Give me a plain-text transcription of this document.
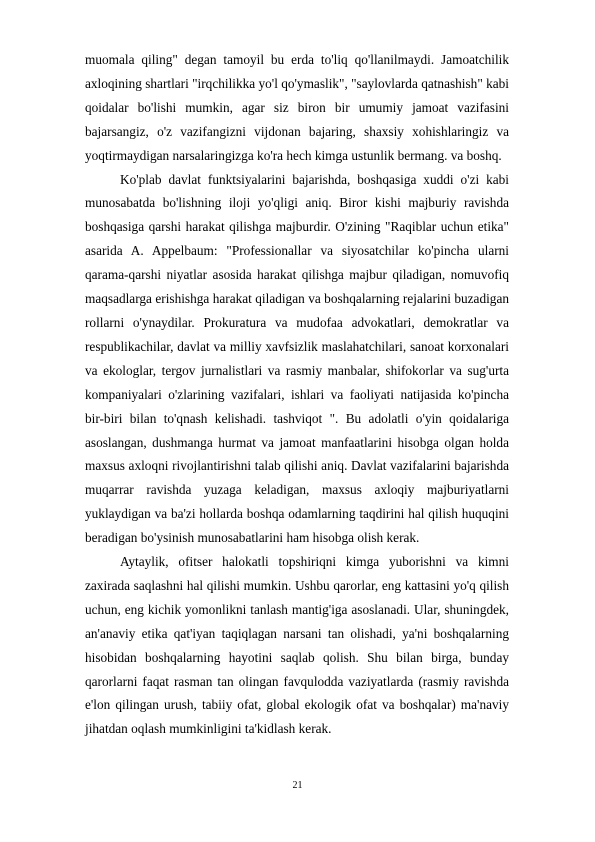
muomala qiling" degan tamoyil bu erda to'liq qo'llanilmaydi. Jamoatchilik axloqining shartlari "irqchilikka yo'l qo'ymaslik", "saylovlarda qatnashish" kabi qoidalar bo'lishi mumkin, agar siz biron bir umumiy jamoat vazifasini bajarsangiz, o'z vazifangizni vijdonan bajaring, shaxsiy xohishlaringiz va yoqtirmaydigan narsalaringizga ko'ra hech kimga ustunlik bermang. va boshq.

Ko'plab davlat funktsiyalarini bajarishda, boshqasiga xuddi o'zi kabi munosabatda bo'lishning iloji yo'qligi aniq. Biror kishi majburiy ravishda boshqasiga qarshi harakat qilishga majburdir. O'zining "Raqiblar uchun etika" asarida A. Appelbaum: "Professionallar va siyosatchilar ko'pincha ularni qarama-qarshi niyatlar asosida harakat qilishga majbur qiladigan, nomuvofiq maqsadlarga erishishga harakat qiladigan va boshqalarning rejalarini buzadigan rollarni o'ynaydilar. Prokuratura va mudofaa advokatlari, demokratlar va respublikachilar, davlat va milliy xavfsizlik maslahatchilari, sanoat korxonalari va ekologlar, tergov jurnalistlari va rasmiy manbalar, shifokorlar va sug'urta kompaniyalari o'zlarining vazifalari, ishlari va faoliyati natijasida ko'pincha bir-biri bilan to'qnash kelishadi. tashviqot ". Bu adolatli o'yin qoidalariga asoslangan, dushmanga hurmat va jamoat manfaatlarini hisobga olgan holda maxsus axloqni rivojlantirishni talab qilishi aniq. Davlat vazifalarini bajarishda muqarrar ravishda yuzaga keladigan, maxsus axloqiy majburiyatlarni yuklaydigan va ba'zi hollarda boshqa odamlarning taqdirini hal qilish huquqini beradigan bo'ysinish munosabatlarini ham hisobga olish kerak.

Aytaylik, ofitser halokatli topshiriqni kimga yuborishni va kimni zaxirada saqlashni hal qilishi mumkin. Ushbu qarorlar, eng kattasini yo'q qilish uchun, eng kichik yomonlikni tanlash mantig'iga asoslanadi. Ular, shuningdek, an'anaviy etika qat'iyan taqiqlagan narsani tan olishadi, ya'ni boshqalarning hisobidan boshqalarning hayotini saqlab qolish. Shu bilan birga, bunday qarorlarni faqat rasman tan olingan favqulodda vaziyatlarda (rasmiy ravishda e'lon qilingan urush, tabiiy ofat, global ekologik ofat va boshqalar) ma'naviy jihatdan oqlash mumkinligini ta'kidlash kerak.

21
